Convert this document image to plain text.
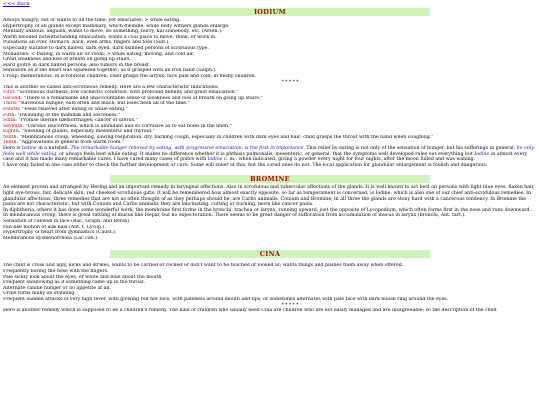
<<< Back
IODIUM
Always hungry; eat or wants to all the time, yet emaciates; > while eating.
Hypertrophy of all glands except mammary, which dwindle; while body withers glands enlarge.
Mentally anxious, anguish, wants to move, do something, hurry, kill somebody, etc. (Arsen.).
Warm blooded notwithstanding emaciation; wants a cool place to move, think, or work in.
Pulsations all over, stomach, back, even arms, fingers and toes (Sulf.).
Especially suitable to dark haired, dark eyed, dark skinned persons of scrofulous type.
Modalities: < fasting, in warm air or room; > while eating; moving, and cold air.
Great weakness and loss of breath on going up stairs.
Hard goitre in dark haired persons; also tumors in the breast.
Sensation as if the heart was squeezed together; as if grasped with an iron hand (Sulph.).
Croup; membranous; in scrofulous children; child grasps the larynx; face pale and cold; in fleshy children.
* * * * *
This is another so-called anti-scrofulous remedy. Here are a few characteristic indications:
First: "Scrofulous diathesis; low cachectic condition, with profound debility and great emaciation."
Second: "There is a remarkable and unaccountable sense of weakness and loss of breath on going up stairs."
Third: "Ravenous hunger; eats often and much, but loses flesh all of the time."
Fourth: "Feels relieved after eating or while eating."
Fifth: "Dwindling of the mammæ and sorceness."
Sixth: "Profuse uterine hæmorrhages; cancer of uterus."
Seventh: "Chronic leucorrhoea, which is abundant and so corrosive as to eat holes in the linen."
Eighth. "Swelling of glands, especially mesenteric and thyroid."
Ninth: "Membranous croup, wheezing, sawing respiration, dry, barking cough, especially in children with dark eyes and hair; child grasps the throat with the hand when coughing."
Tenth: "Aggravations in general from warm room."

Here is Iodine in a nutshell. The remarkable hunger relieved by eating, with progressive emaciation, is the first in importance. This relief by eating is not only of the sensation of hunger, but his sufferings in general; he only feels well while eating, or always feels best while eating. It makes no difference whether it is phthisis pulmonalis, mesenteric, or general, that the symptoms well developed rules out everything but Iodine in almost every case and it has made many remarkable cures. I have cured many cases of goitre with Iodine c. m., when indicated, giving a powder every night for four nights, after the moon fulled and was waning.

I have only failed in one case either to check the further development or cure. Some will sneer at this, but the cured ones do not. The local application for glandular enlargement is foolish and dangerous.

BROMINE

An element proven and arranged by Hering and an important remedy in laryngeal affections. Also in scrofulous and tubercular affections of the glands. It is well known to act best on persons with light blue eyes, flaxen hair, light eye-brows, fair, delicate skin, red cheeked scrofulous girls. It will be remembered how almost exactly opposite, so far as temperament is concerned, is Iodine, which is also one of our chief anti-scrofulous remedies. In glandular affections, three remedies that are not as often thought of as they perhaps should be, are Carbo animalis, Conium and Bromine; in all three the glands are stony hard with a cancerous tendency. In Bromine the pains are not characteristic, but with Conium and Carbo animalis they are lancinating, cutting or burning, more like cancer pains.

In diphtheria, where it has done some wonderful work, the membrane first forms in the bronchi, trachea or larynx, running upward, just the opposite of Lycopodium, which often forms first in the nose and runs downward.

In membranous croup, there is great rattling of mucus like Hepar, but no expectoration. There seems to be great danger of suffocation from accumulation of mucus in larynx (bronchi, Ant. tart.).

Sensation of cobweb in face (Bar., Graph. and Borax).
Fan-like motion of alæ nasi (Ant. t. Lycop.).
Hypertrophy of heart from gymnastics (Caust.).
Membranous dysmenorrhœa (Lac can.).
CINA
The child is cross and ugly, kicks and strikes, wants to be carried or rocked or don't want to be touched or looked at; wants things and pushes them away when offered.
Frequently boring the nose with the fingers.
Pale sickly look about the eyes, or white and blue about the mouth.
Frequent swallowing as if something came up in the throat.
Alternate canine hunger or no appetite at all.
Urine turns milky on standing.
Frequent sudden attacks of very high fever, with glowing red hot face, with paleness around mouth and lips, or sometimes alternates with pale face with dark bluish ring around the eyes.
* * * * *

Here is another remedy which is supposed to be a children's remedy. The kind of children who usually need Cina are children who are not easily managed and are disagreeable; so the description of the child
